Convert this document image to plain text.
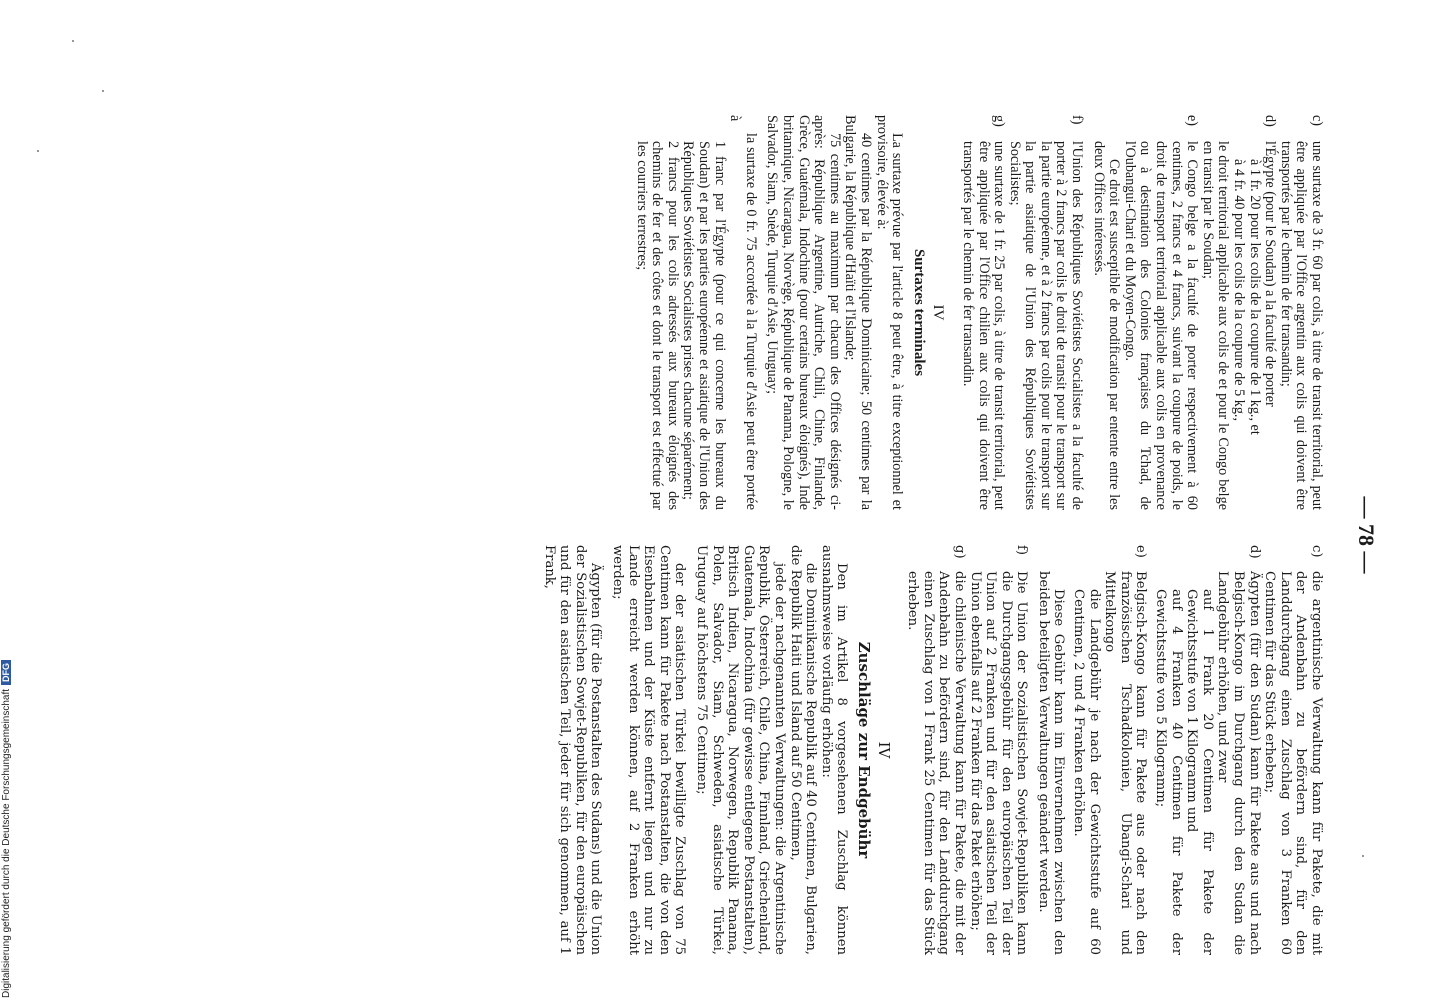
— 78 —
c)
une surtaxe de 3 fr. 60 par colis, à titre de transit territorial, peut être appliquée par l'Office argentin aux colis qui doivent être transportés par le chemin de fer transandin;
d)
l'Égypte (pour le Soudan) a la faculté de porter

à 1 fr. 20 pour les colis de la coupure de 1 kg., et

à 4 fr. 40 pour les colis de la coupure de 5 kg.,

le droit territorial applicable aux colis de et pour le Congo belge en transit par le Soudan;

e)
le Congo belge a la faculté de porter respectivement à 60 centimes, 2 francs et 4 francs, suivant la coupure de poids, le droit de transport territorial applicable aux colis en provenance ou à destination des Colonies françaises du Tchad, de l'Oubangui-Chari et du Moyen-Congo.

Ce droit est susceptible de modification par entente entre les deux Offices intéressés.

f)
l'Union des Républiques Soviétistes Socialistes a la faculté de porter à 2 francs par colis le droit de transit pour le transport sur la partie européenne, et à 2 francs par colis pour le transport sur la partie asiatique de l'Union des Républiques Soviétistes Socialistes;
g)
une surtaxe de 1 fr. 25 par colis, à titre de transit territorial, peut être appliquée par l'Office chilien aux colis qui doivent être transportés par le chemin de fer transandin.
IV
Surtaxes terminales

La surtaxe prévue par l'article 8 peut être, à titre exceptionnel et provisoire, élevée à:

40 centimes par la République Dominicaine; 50 centimes par la Bulgarie, la République d'Haïti et l'Islande;

75 centimes au maximum par chacun des Offices désignés ci-après: République Argentine, Autriche, Chili, Chine, Finlande, Grèce, Guatémala, Indochine (pour certains bureaux éloignés), Inde britannique, Nicaragua, Norvège, République de Panama, Pologne, le Salvador, Siam, Suède, Turquie d'Asie, Uruguay;

la surtaxe de 0 fr. 75 accordée à la Turquie d'Asie peut être portée à

1 franc par l'Égypte (pour ce qui concerne les bureaux du Soudan) et par les parties européenne et asiatique de l'Union des Républiques Soviétistes Socialistes prises chacune séparément;

2 francs pour les colis adressés aux bureaux éloignés des chemins de fer et des côtes et dont le transport est effectué par les courriers terrestres;

c)
die argentinische Verwaltung kann für Pakete, die mit der Andenbahn zu befördern sind, für den Landdurchgang einen Zuschlag von 3 Franken 60 Centimen für das Stück erheben;
d)
Ägypten (für den Sudan) kann für Pakete aus und nach Belgisch-Kongo im Durchgang durch den Sudan die Landgebühr erhöhen, und zwar

auf 1 Frank 20 Centimen für Pakete der Gewichtsstufe von 1 Kilogramm und

auf 4 Franken 40 Centimen für Pakete der Gewichtsstufe von 5 Kilogramm;

e)
Belgisch-Kongo kann für Pakete aus oder nach den französischen Tschadkolonien, Ubangi-Schari und Mittelkongo

die Landgebühr je nach der Gewichtsstufe auf 60 Centimen, 2 und 4 Franken erhöhen.

Diese Gebühr kann im Einvernehmen zwischen den beiden beteiligten Verwaltungen geändert werden.

f)
Die Union der Sozialistischen Sowjet-Republiken kann die Durchgangsgebühr für den europäischen Teil der Union auf 2 Franken und für den asiatischen Teil der Union ebenfalls auf 2 Franken für das Paket erhöhen;
g)
die chilenische Verwaltung kann für Pakete, die mit der Andenbahn zu befördern sind, für den Landdurchgang einen Zuschlag von 1 Frank 25 Centimen für das Stück erheben.
IV
Zuschläge zur Endgebühr

Den im Artikel 8 vorgesehenen Zuschlag können ausnahmsweise vorläufig erhöhen:

die Dominikanische Republik auf 40 Centimen, Bulgarien, die Republik Haiti und Island auf 50 Centimen,

jede der nachgenannten Verwaltungen: die Argentinische Republik, Österreich, Chile, China, Finnland, Griechenland, Guatemala, Indochina (für gewisse entlegene Postanstalten), Britisch Indien, Nicaragua, Norwegen, Republik Panama, Polen, Salvador, Siam, Schweden, asiatische Türkei, Uruguay auf höchstens 75 Centimen;

der der asiatischen Türkei bewilligte Zuschlag von 75 Centimen kann für Pakete nach Postanstalten, die von den Eisenbahnen und der Küste entfernt liegen und nur zu Lande erreicht werden können, auf 2 Franken erhöht werden;

Ägypten (für die Postanstalten des Sudans) und die Union der Sozialistischen Sowjet-Republiken, für den europäischen und für den asiatischen Teil, jeder für sich genommen, auf 1 Frank,

Digitalisierung gefördert durch die Deutsche ForschungsgemeinschaftDFG
